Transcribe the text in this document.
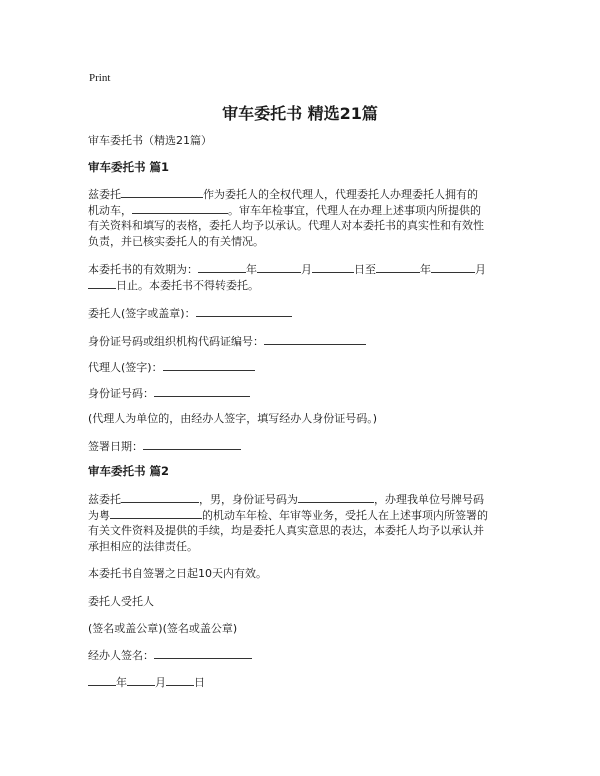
Print
审车委托书 精选21篇
审车委托书（精选21篇）
审车委托书 篇1
兹委托	作为委托人的全权代理人，代理委托人办理委托人拥有的
机动车，	。审车年检事宜，代理人在办理上述事项内所提供的
有关资料和填写的表格，委托人均予以承认。代理人对本委托书的真实性和有效性
负责，并已核实委托人的有关情况。
本委托书的有效期为：	年	月	日至	年	月
日止。本委托书不得转委托。
委托人(签字或盖章)：
身份证号码或组织机构代码证编号：
代理人(签字)：
身份证号码：
(代理人为单位的，由经办人签字，填写经办人身份证号码。)
签署日期：
审车委托书 篇2
兹委托	，男，身份证号码为	，办理我单位号牌号码
为粤	的机动车年检、年审等业务，受托人在上述事项内所签署的
有关文件资料及提供的手续，均是委托人真实意思的表达，本委托人均予以承认并
承担相应的法律责任。
本委托书自签署之日起10天内有效。
委托人受托人
(签名或盖公章)(签名或盖公章)
经办人签名：
年	月	日
